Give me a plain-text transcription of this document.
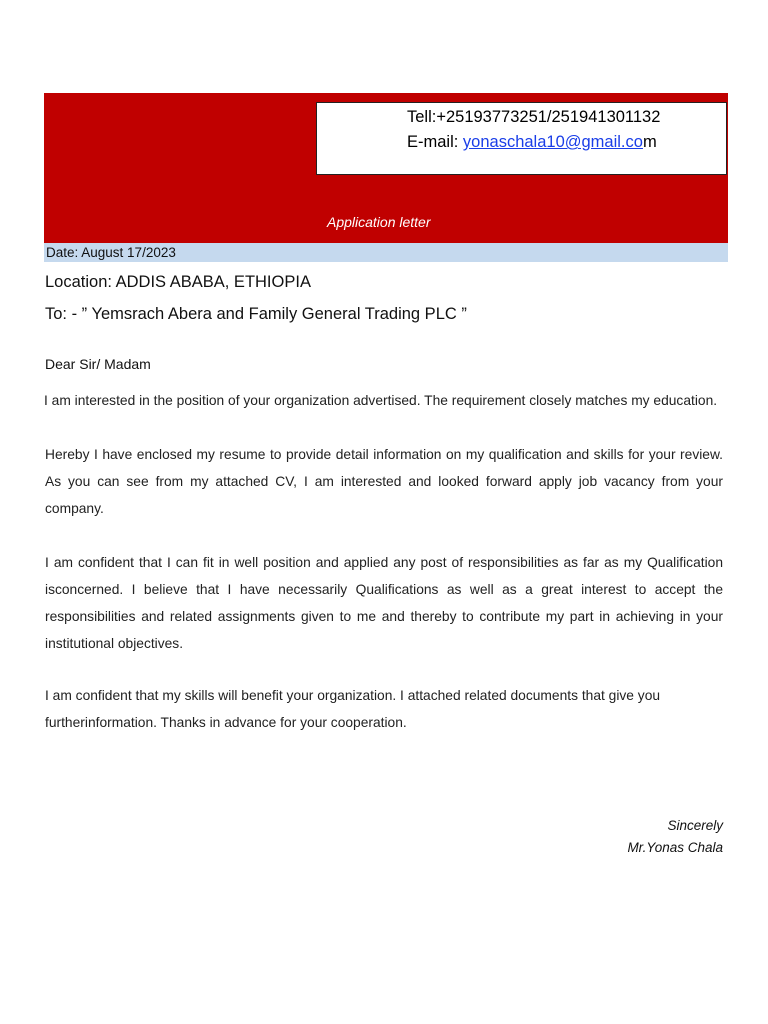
Tell:+25193773251/251941301132
E-mail: yonaschala10@gmail.com
Application letter
Date: August 17/2023
Location: ADDIS ABABA, ETHIOPIA
To: - ” Yemsrach Abera and Family General Trading PLC ”
Dear Sir/ Madam

I am interested in the position of your organization advertised. The requirement closely matches my education.

Hereby I have enclosed my resume to provide detail information on my qualification and skills for your review. As you can see from my attached CV, I am interested and looked forward apply job vacancy from your company.

I am confident that I can fit in well position and applied any post of responsibilities as far as my Qualification isconcerned. I believe that I have necessarily Qualifications as well as a great interest to accept the responsibilities and related assignments given to me and thereby to contribute my part in achieving in your institutional objectives.

I am confident that my skills will benefit your organization. I attached related documents that give you furtherinformation. Thanks in advance for your cooperation.

Sincerely
Mr.Yonas Chala
